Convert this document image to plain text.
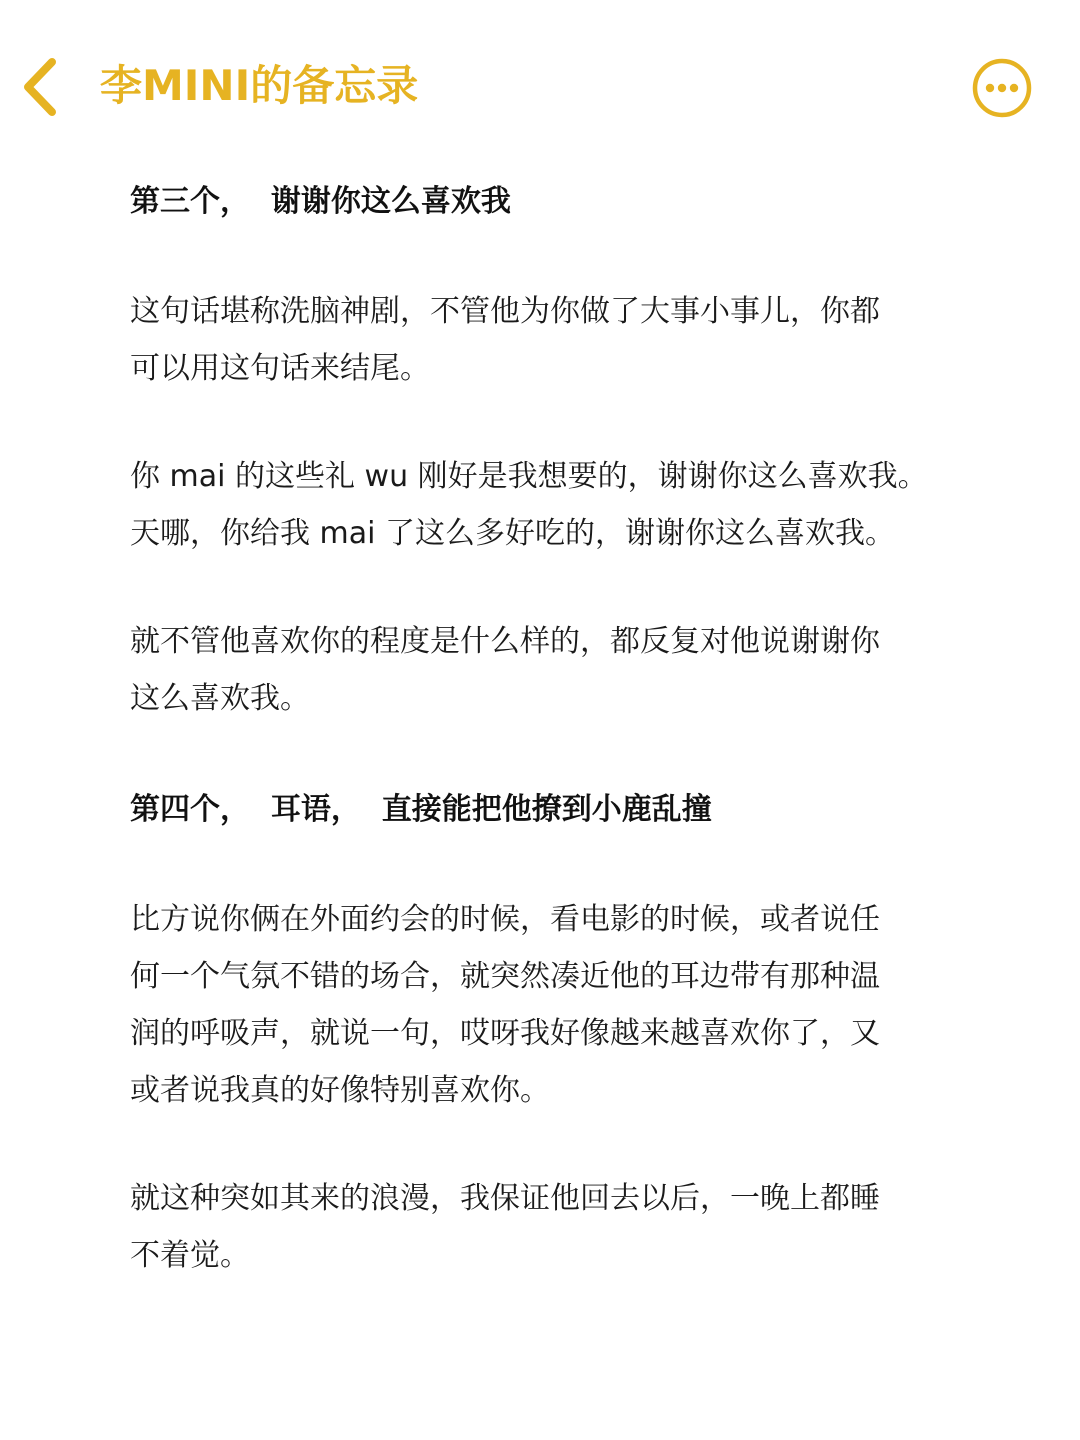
李MINI的备忘录
第三个，  谢谢你这么喜欢我

这句话堪称洗脑神剧，不管他为你做了大事小事儿，你都
可以用这句话来结尾。

你 mai 的这些礼 wu 刚好是我想要的，谢谢你这么喜欢我。
天哪，你给我 mai 了这么多好吃的，谢谢你这么喜欢我。

就不管他喜欢你的程度是什么样的，都反复对他说谢谢你
这么喜欢我。

第四个，  耳语，  直接能把他撩到小鹿乱撞

比方说你俩在外面约会的时候，看电影的时候，或者说任
何一个气氛不错的场合，就突然凑近他的耳边带有那种温
润的呼吸声，就说一句，哎呀我好像越来越喜欢你了，又
或者说我真的好像特别喜欢你。

就这种突如其来的浪漫，我保证他回去以后，一晚上都睡
不着觉。
